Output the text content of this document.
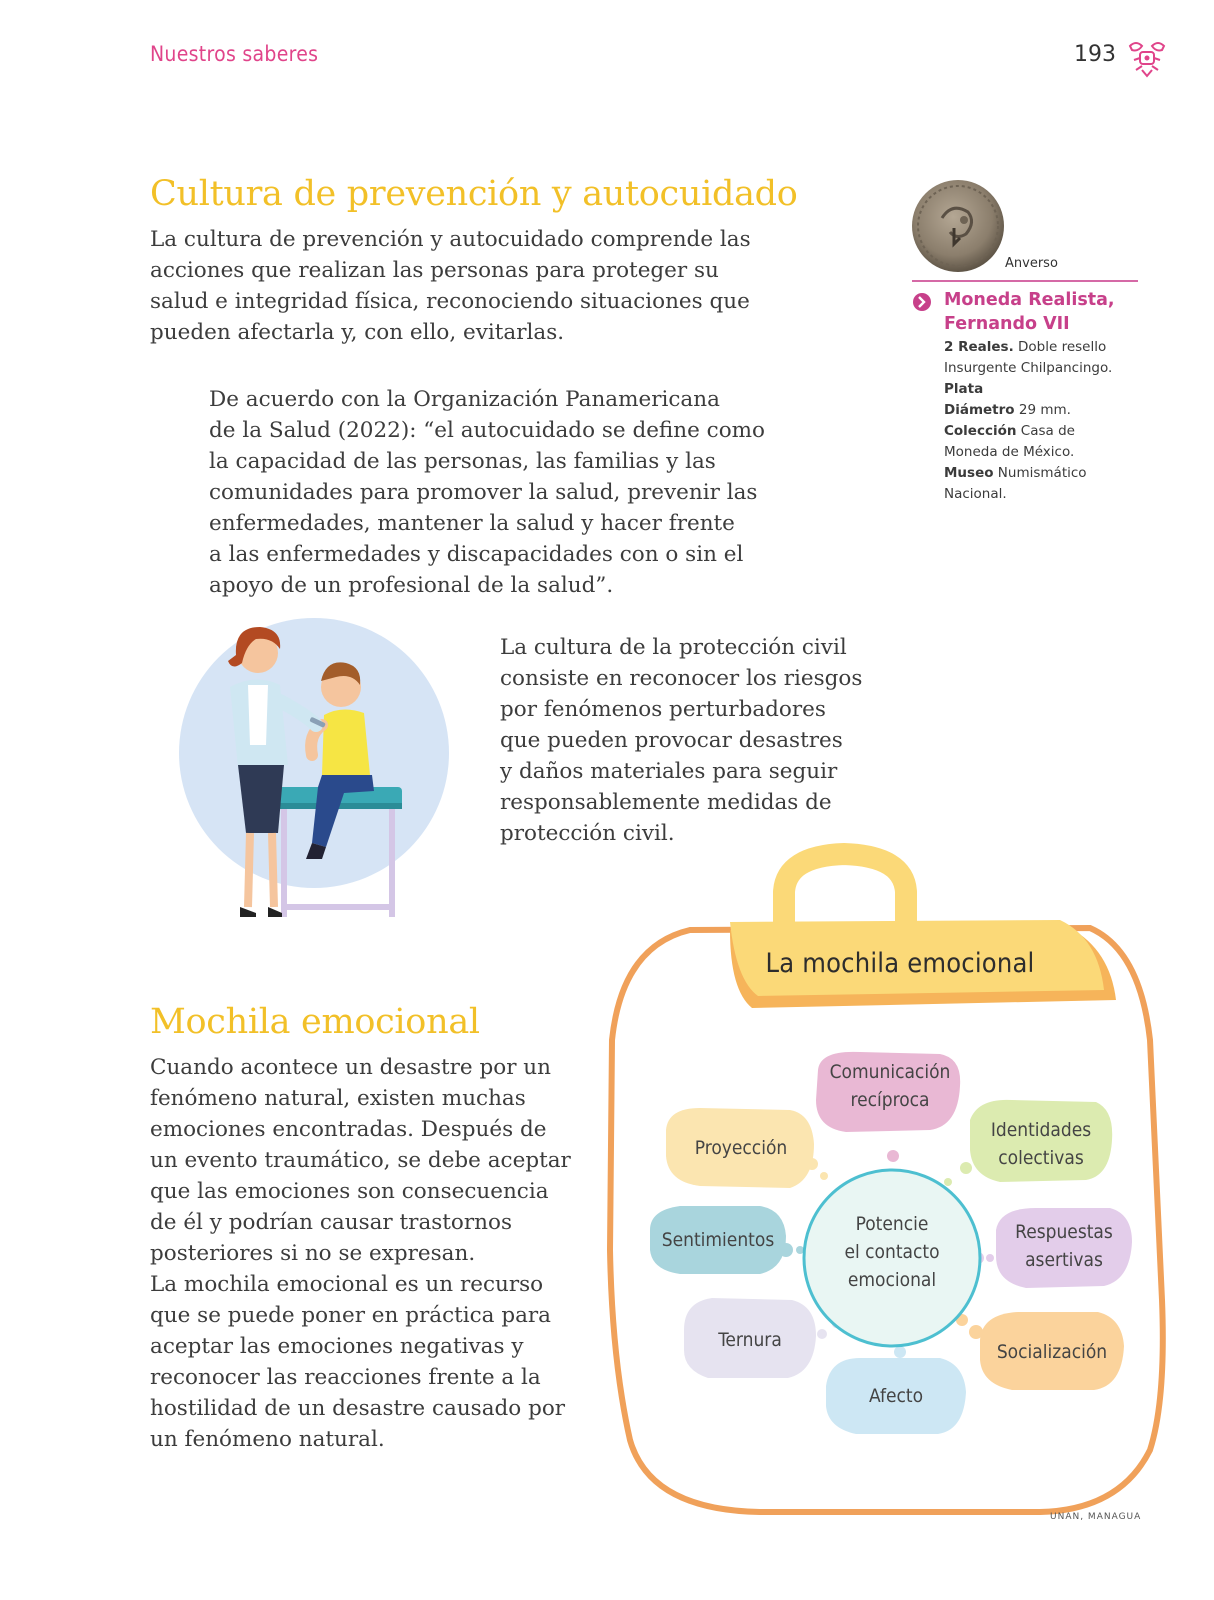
Nuestros saberes	193
Cultura de prevención y autocuidado

La cultura de prevención y autocuidado comprende las

acciones que realizan las personas para proteger su

salud e integridad física, reconociendo situaciones que

pueden afectarla y, con ello, evitarlas.

De acuerdo con la Organización Panamericana

de la Salud (2022): “el autocuidado se define como

la capacidad de las personas, las familias y las

comunidades para promover la salud, prevenir las

enfermedades, mantener la salud y hacer frente

a las enfermedades y discapacidades con o sin el

apoyo de un profesional de la salud”.

La cultura de la protección civil

consiste en reconocer los riesgos

por fenómenos perturbadores

que pueden provocar desastres

y daños materiales para seguir

responsablemente medidas de

protección civil.

Anverso
Moneda Realista,
Fernando VII
2 Reales. Doble resello
Insurgente Chilpancingo.
Plata
Diámetro 29 mm.
Colección Casa de
Moneda de México.
Museo Numismático
Nacional.
Mochila emocional

Cuando acontece un desastre por un

fenómeno natural, existen muchas

emociones encontradas. Después de

un evento traumático, se debe aceptar

que las emociones son consecuencia

de él y podrían causar trastornos

posteriores si no se expresan.

La mochila emocional es un recurso

que se puede poner en práctica para

aceptar las emociones negativas y

reconocer las reacciones frente a la

hostilidad de un desastre causado por

un fenómeno natural.

La mochila emocional
Comunicación
recíproca
Identidades
colectivas
Proyección
Sentimientos	Respuestas
asertivas
Ternura
Socialización
Afecto
Potencie
el contacto
emocional
UNAN, MANAGUA
